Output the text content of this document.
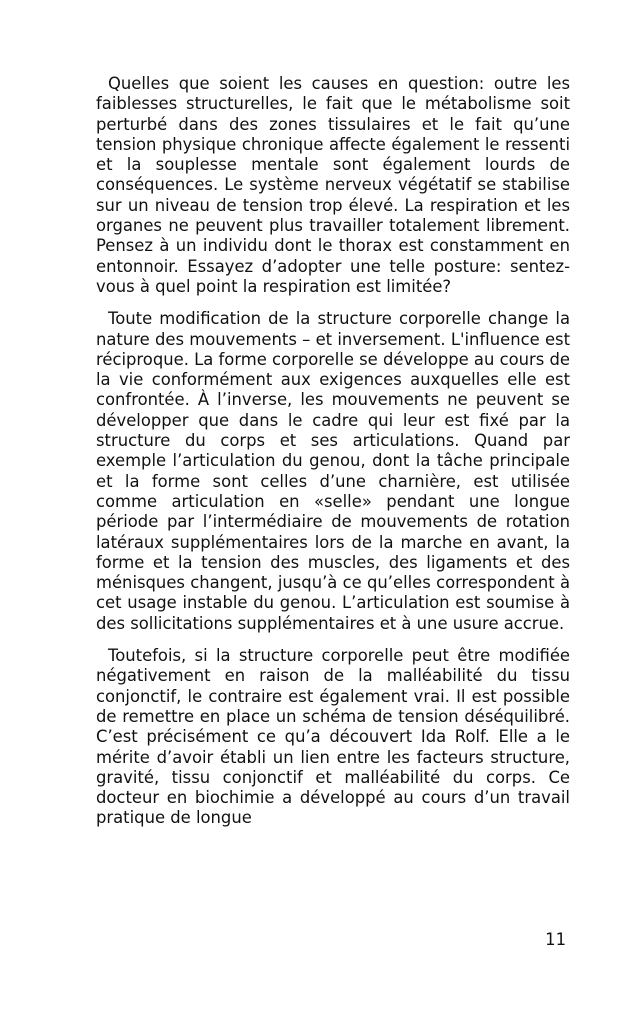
Quelles que soient les causes en question: outre les faiblesses structurelles, le fait que le métabolisme soit perturbé dans des zones tissulaires et le fait qu’une tension physique chronique affecte également le ressenti et la souplesse mentale sont également lourds de conséquences. Le système nerveux végétatif se stabilise sur un niveau de tension trop élevé. La respiration et les organes ne peuvent plus travailler totalement librement. Pensez à un individu dont le thorax est constamment en entonnoir. Essayez d’adopter une telle posture: sentez-vous à quel point la respiration est limitée?

Toute modification de la structure corporelle change la nature des mouvements – et inversement. L'influence est réciproque. La forme corporelle se développe au cours de la vie conformément aux exigences auxquelles elle est confrontée. À l’inverse, les mouvements ne peuvent se développer que dans le cadre qui leur est fixé par la structure du corps et ses articulations. Quand par exemple l’articulation du genou, dont la tâche principale et la forme sont celles d’une charnière, est utilisée comme articulation en «selle» pendant une longue période par l’intermédiaire de mouvements de rotation latéraux supplémentaires lors de la marche en avant, la forme et la tension des muscles, des ligaments et des ménisques changent, jusqu’à ce qu’elles correspondent à cet usage instable du genou. L’articulation est soumise à des sollicitations supplémentaires et à une usure accrue.

Toutefois, si la structure corporelle peut être modifiée négativement en raison de la malléabilité du tissu conjonctif, le contraire est également vrai. Il est possible de remettre en place un schéma de tension déséquilibré. C’est précisément ce qu’a découvert Ida Rolf. Elle a le mérite d’avoir établi un lien entre les facteurs structure, gravité, tissu conjonctif et malléabilité du corps. Ce docteur en biochimie a développé au cours d’un travail pratique de longue

11
